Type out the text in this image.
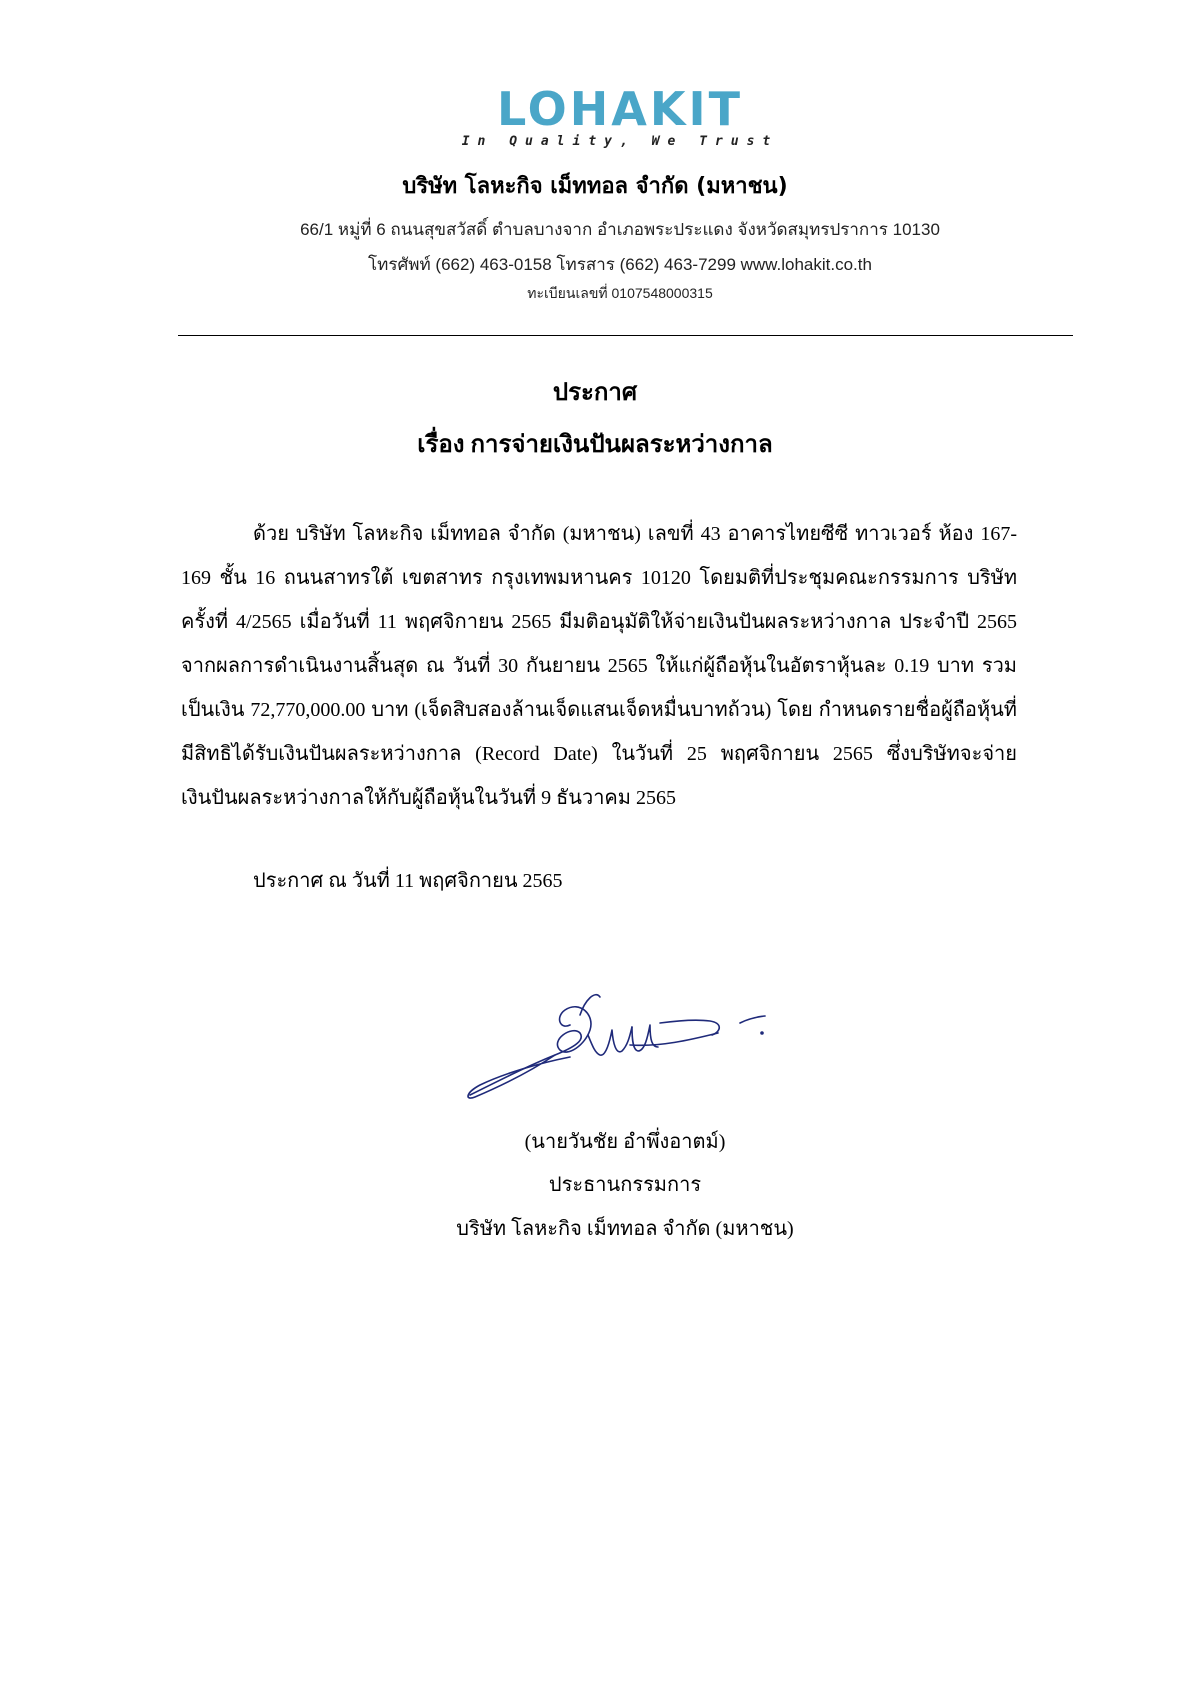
LOHAKIT
In Quality, We Trust
บริษัท โลหะกิจ เม็ททอล จำกัด (มหาชน)
66/1 หมู่ที่ 6 ถนนสุขสวัสดิ์ ตำบลบางจาก อำเภอพระประแดง จังหวัดสมุทรปราการ 10130
โทรศัพท์ (662) 463-0158 โทรสาร (662) 463-7299 www.lohakit.co.th
ทะเบียนเลขที่ 0107548000315
ประกาศ
เรื่อง การจ่ายเงินปันผลระหว่างกาล

ด้วย บริษัท โลหะกิจ เม็ททอล จำกัด (มหาชน) เลขที่ 43 อาคารไทยซีซี ทาวเวอร์ ห้อง 167-169 ชั้น 16 ถนนสาทรใต้ เขตสาทร กรุงเทพมหานคร 10120 โดยมติที่ประชุมคณะกรรมการ บริษัท ครั้งที่ 4/2565 เมื่อวันที่ 11 พฤศจิกายน 2565 มีมติอนุมัติให้จ่ายเงินปันผลระหว่างกาล ประจำปี 2565 จากผลการดำเนินงานสิ้นสุด ณ วันที่ 30 กันยายน 2565 ให้แก่ผู้ถือหุ้นในอัตราหุ้นละ 0.19 บาท รวมเป็นเงิน 72,770,000.00 บาท (เจ็ดสิบสองล้านเจ็ดแสนเจ็ดหมื่นบาทถ้วน) โดย กำหนดรายชื่อผู้ถือหุ้นที่มีสิทธิได้รับเงินปันผลระหว่างกาล (Record Date) ในวันที่ 25 พฤศจิกายน 2565 ซึ่งบริษัทจะจ่ายเงินปันผลระหว่างกาลให้กับผู้ถือหุ้นในวันที่ 9 ธันวาคม 2565

ประกาศ ณ วันที่ 11 พฤศจิกายน 2565

(นายวันชัย อำพึ่งอาตม์)
ประธานกรรมการ
บริษัท โลหะกิจ เม็ททอล จำกัด (มหาชน)
